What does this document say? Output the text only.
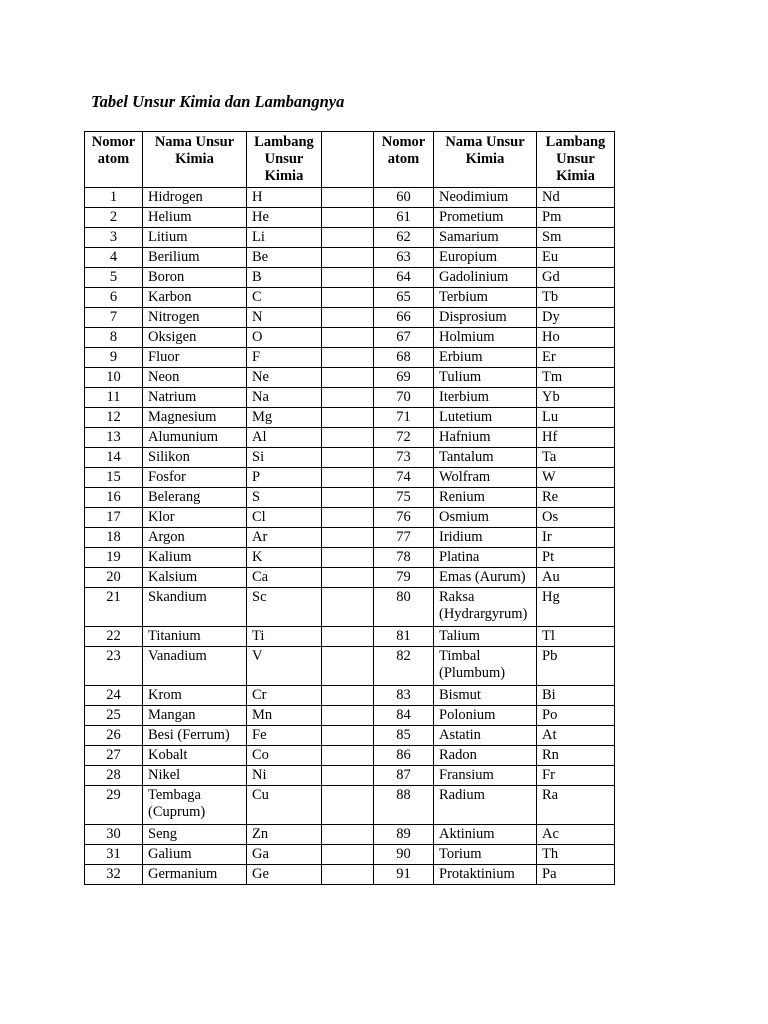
Tabel Unsur Kimia dan Lambangnya
Nomor atom	Nama Unsur Kimia	Lambang Unsur Kimia		Nomor atom	Nama Unsur Kimia	Lambang Unsur Kimia
1	Hidrogen	H		60	Neodimium	Nd
2	Helium	He		61	Prometium	Pm
3	Litium	Li		62	Samarium	Sm
4	Berilium	Be		63	Europium	Eu
5	Boron	B		64	Gadolinium	Gd
6	Karbon	C		65	Terbium	Tb
7	Nitrogen	N		66	Disprosium	Dy
8	Oksigen	O		67	Holmium	Ho
9	Fluor	F		68	Erbium	Er
10	Neon	Ne		69	Tulium	Tm
11	Natrium	Na		70	Iterbium	Yb
12	Magnesium	Mg		71	Lutetium	Lu
13	Alumunium	Al		72	Hafnium	Hf
14	Silikon	Si		73	Tantalum	Ta
15	Fosfor	P		74	Wolfram	W
16	Belerang	S		75	Renium	Re
17	Klor	Cl		76	Osmium	Os
18	Argon	Ar		77	Iridium	Ir
19	Kalium	K		78	Platina	Pt
20	Kalsium	Ca		79	Emas (Aurum)	Au
21	Skandium	Sc		80	Raksa (Hydrargyrum)	Hg
22	Titanium	Ti		81	Talium	Tl
23	Vanadium	V		82	Timbal (Plumbum)	Pb
24	Krom	Cr		83	Bismut	Bi
25	Mangan	Mn		84	Polonium	Po
26	Besi (Ferrum)	Fe		85	Astatin	At
27	Kobalt	Co		86	Radon	Rn
28	Nikel	Ni		87	Fransium	Fr
29	Tembaga (Cuprum)	Cu		88	Radium	Ra
30	Seng	Zn		89	Aktinium	Ac
31	Galium	Ga		90	Torium	Th
32	Germanium	Ge		91	Protaktinium	Pa
